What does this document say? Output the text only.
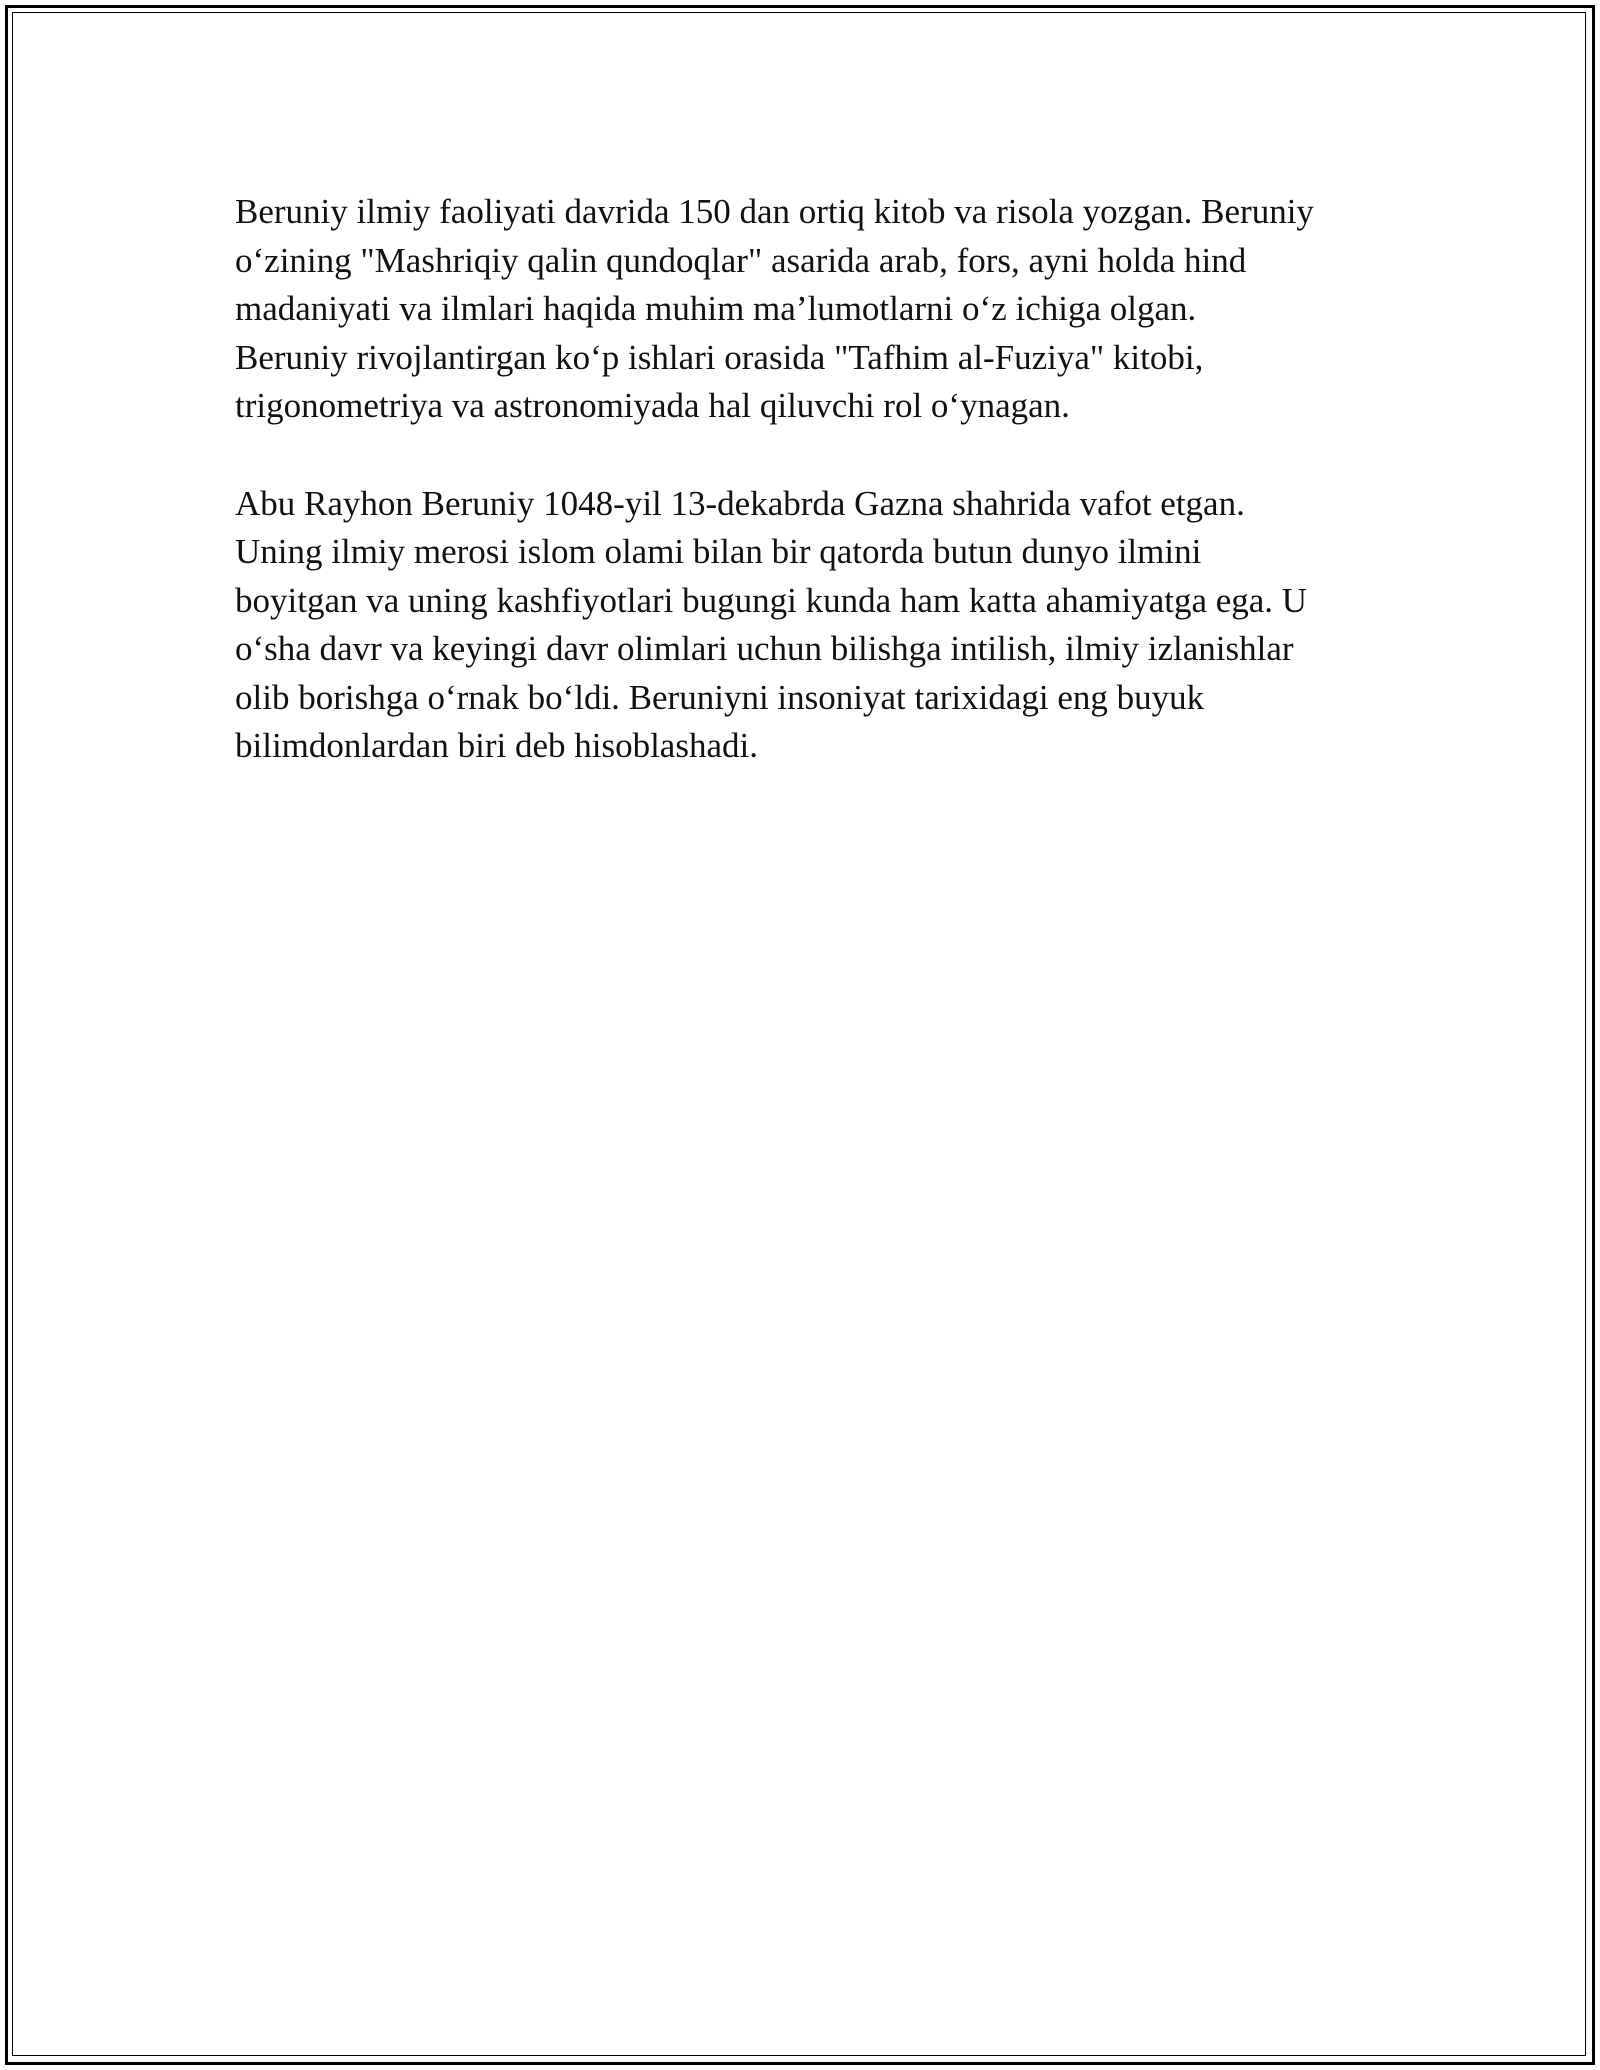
Beruniy ilmiy faoliyati davrida 150 dan ortiq kitob va risola yozgan. Beruniy
o‘zining "Mashriqiy qalin qundoqlar" asarida arab, fors, ayni holda hind
madaniyati va ilmlari haqida muhim ma’lumotlarni o‘z ichiga olgan.
Beruniy rivojlantirgan ko‘p ishlari orasida "Tafhim al-Fuziya" kitobi,
trigonometriya va astronomiyada hal qiluvchi rol o‘ynagan.

Abu Rayhon Beruniy 1048-yil 13-dekabrda Gazna shahrida vafot etgan.
Uning ilmiy merosi islom olami bilan bir qatorda butun dunyo ilmini
boyitgan va uning kashfiyotlari bugungi kunda ham katta ahamiyatga ega. U
o‘sha davr va keyingi davr olimlari uchun bilishga intilish, ilmiy izlanishlar
olib borishga o‘rnak bo‘ldi. Beruniyni insoniyat tarixidagi eng buyuk
bilimdonlardan biri deb hisoblashadi.
